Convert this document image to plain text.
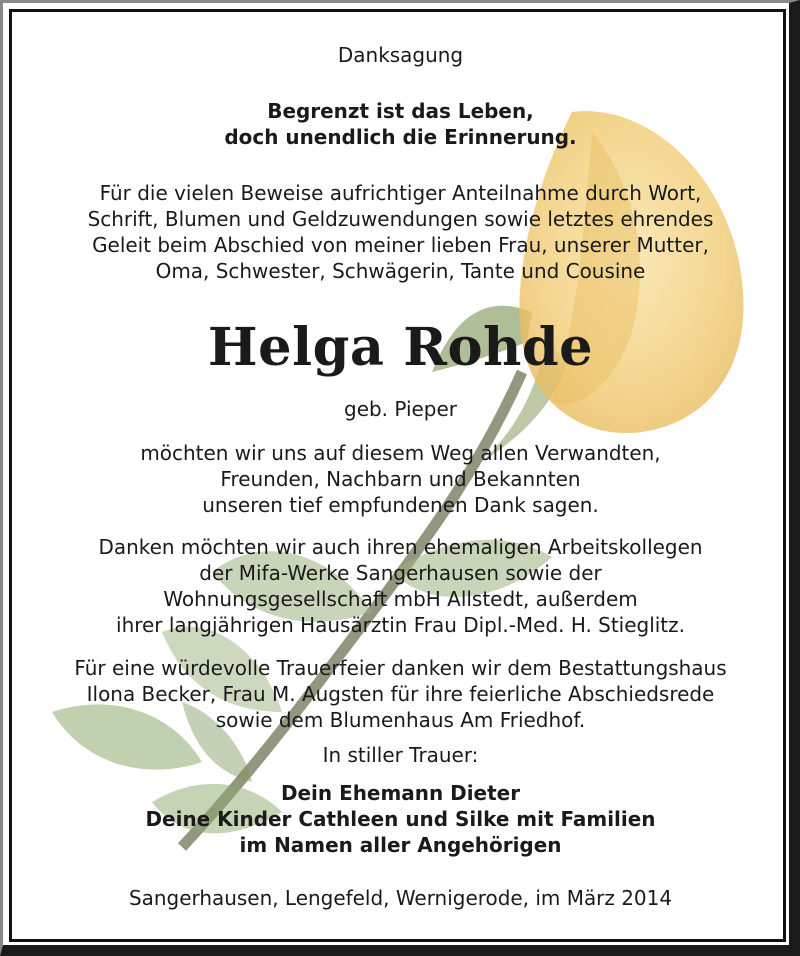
Danksagung
Begrenzt ist das Leben,
doch unendlich die Erinnerung.
Für die vielen Beweise aufrichtiger Anteilnahme durch Wort,
Schrift, Blumen und Geldzuwendungen sowie letztes ehrendes
Geleit beim Abschied von meiner lieben Frau, unserer Mutter,
Oma, Schwester, Schwägerin, Tante und Cousine
Helga Rohde
geb. Pieper
möchten wir uns auf diesem Weg allen Verwandten,
Freunden, Nachbarn und Bekannten
unseren tief empfundenen Dank sagen.
Danken möchten wir auch ihren ehemaligen Arbeitskollegen
der Mifa-Werke Sangerhausen sowie der
Wohnungsgesellschaft mbH Allstedt, außerdem
ihrer langjährigen Hausärztin Frau Dipl.-Med. H. Stieglitz.
Für eine würdevolle Trauerfeier danken wir dem Bestattungshaus
Ilona Becker, Frau M. Augsten für ihre feierliche Abschiedsrede
sowie dem Blumenhaus Am Friedhof.
In stiller Trauer:
Dein Ehemann Dieter
Deine Kinder Cathleen und Silke mit Familien
im Namen aller Angehörigen
Sangerhausen, Lengefeld, Wernigerode, im März 2014
